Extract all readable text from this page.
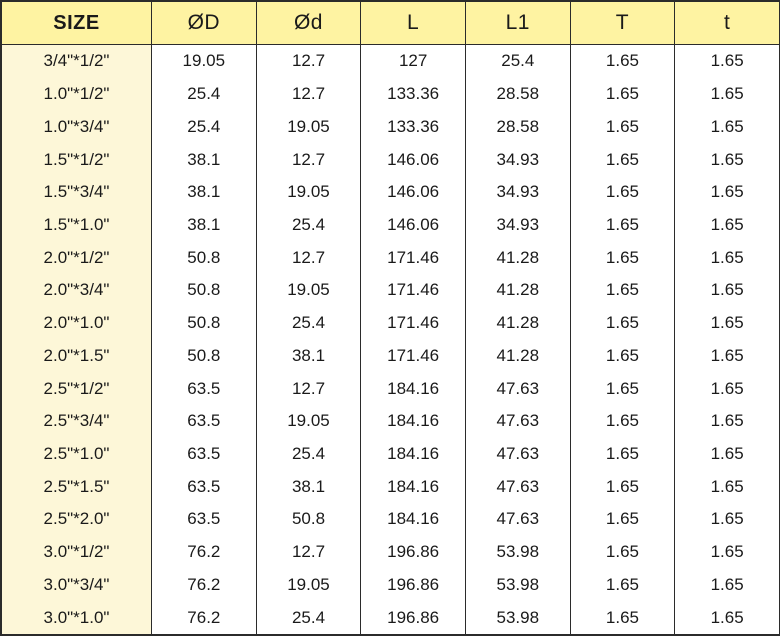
SIZE	ØD	Ød	L	L1	T	t
3/4"*1/2"	19.05	12.7	127	25.4	1.65	1.65
1.0"*1/2"	25.4	12.7	133.36	28.58	1.65	1.65
1.0"*3/4"	25.4	19.05	133.36	28.58	1.65	1.65
1.5"*1/2"	38.1	12.7	146.06	34.93	1.65	1.65
1.5"*3/4"	38.1	19.05	146.06	34.93	1.65	1.65
1.5"*1.0"	38.1	25.4	146.06	34.93	1.65	1.65
2.0"*1/2"	50.8	12.7	171.46	41.28	1.65	1.65
2.0"*3/4"	50.8	19.05	171.46	41.28	1.65	1.65
2.0"*1.0"	50.8	25.4	171.46	41.28	1.65	1.65
2.0"*1.5"	50.8	38.1	171.46	41.28	1.65	1.65
2.5"*1/2"	63.5	12.7	184.16	47.63	1.65	1.65
2.5"*3/4"	63.5	19.05	184.16	47.63	1.65	1.65
2.5"*1.0"	63.5	25.4	184.16	47.63	1.65	1.65
2.5"*1.5"	63.5	38.1	184.16	47.63	1.65	1.65
2.5"*2.0"	63.5	50.8	184.16	47.63	1.65	1.65
3.0"*1/2"	76.2	12.7	196.86	53.98	1.65	1.65
3.0"*3/4"	76.2	19.05	196.86	53.98	1.65	1.65
3.0"*1.0"	76.2	25.4	196.86	53.98	1.65	1.65
